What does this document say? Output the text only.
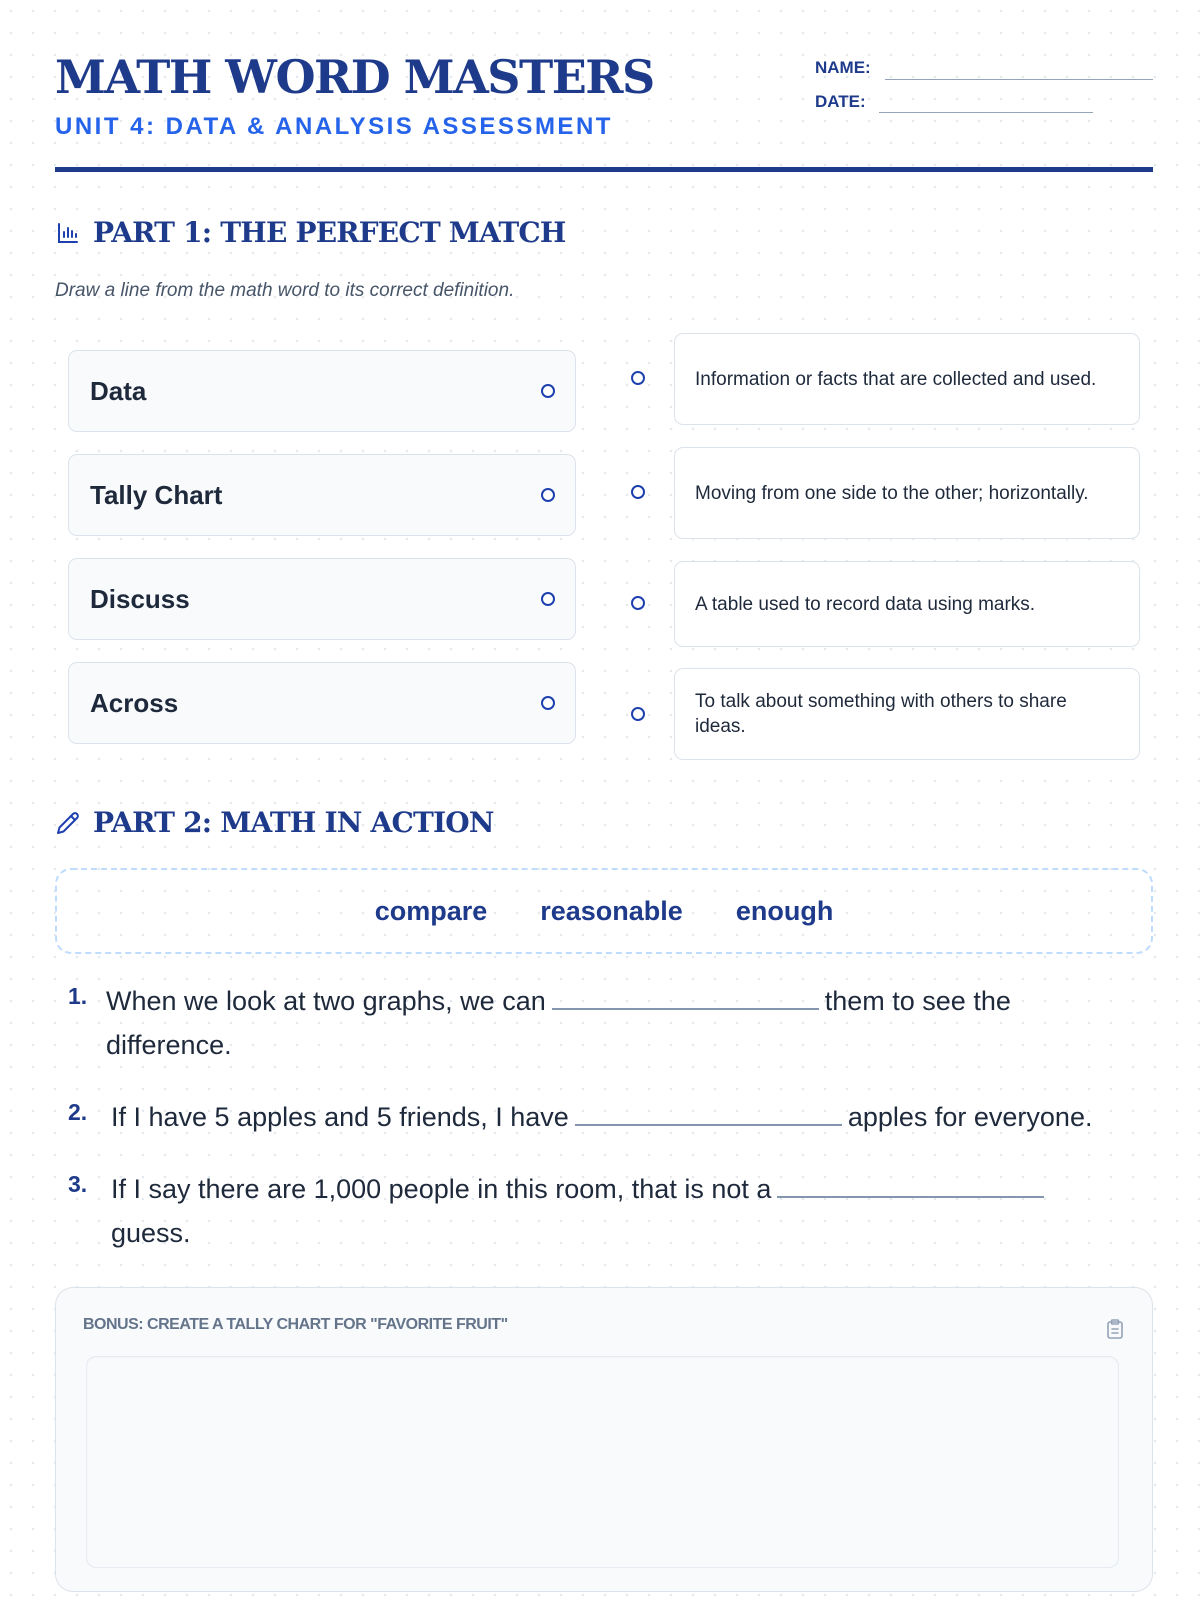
MATH WORD MASTERS
UNIT 4: DATA & ANALYSIS ASSESSMENT
NAME:
DATE:
PART 1: THE PERFECT MATCH
Draw a line from the math word to its correct definition.
Data
Tally Chart
Discuss
Across
Information or facts that are collected and used.
Moving from one side to the other; horizontally.
A table used to record data using marks.
To talk about something with others to share ideas.
PART 2: MATH IN ACTION
compare reasonable enough
1. When we look at two graphs, we can	them to see the difference.
2. If I have 5 apples and 5 friends, I have	apples for everyone.
3. If I say there are 1,000 people in this room, that is not aguess.
BONUS: CREATE A TALLY CHART FOR "FAVORITE FRUIT"
